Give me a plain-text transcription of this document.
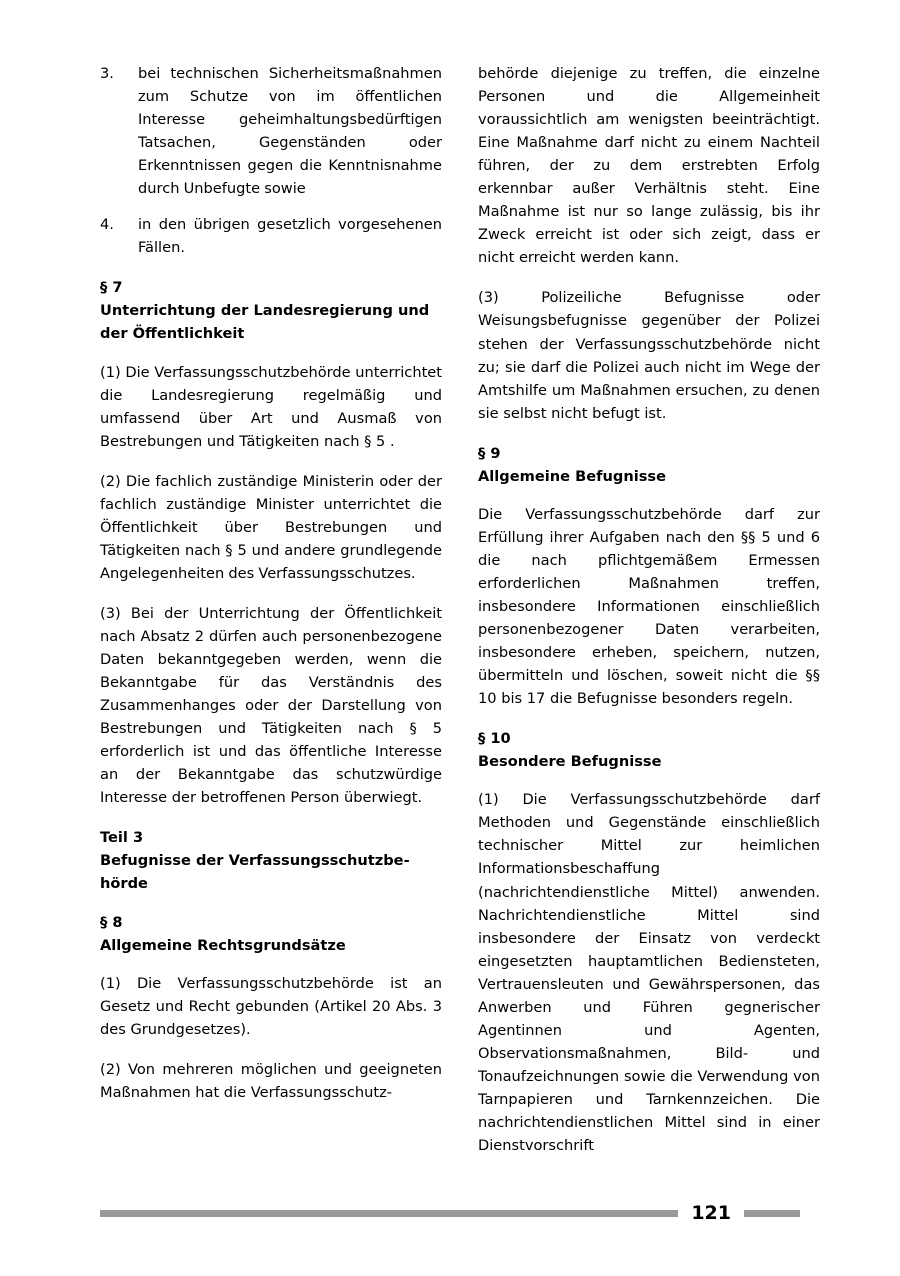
3.	bei technischen Sicherheitsmaßnahmen zum Schutze von im öffentlichen Interesse geheimhaltungsbedürftigen Tatsachen, Gegenständen oder Erkenntnissen gegen die Kenntnisnahme durch Unbefugte sowie
4.	in den übrigen gesetzlich vorgesehenen Fällen.
§ 7
Unterrichtung der Landesregierung und
der Öffentlichkeit

(1) Die Verfassungsschutzbehörde unterrichtet die Landesregierung regelmäßig und umfassend über Art und Ausmaß von Bestrebungen und Tätigkeiten nach § 5 .

(2) Die fachlich zuständige Ministerin oder der fachlich zuständige Minister unterrichtet die Öffentlichkeit über Bestrebungen und Tätigkeiten nach § 5 und andere grundlegende Angelegenheiten des Verfassungsschutzes.

(3) Bei der Unterrichtung der Öffentlichkeit nach Absatz 2 dürfen auch personenbezogene Daten bekanntgegeben werden, wenn die Bekanntgabe für das Verständnis des Zusammenhanges oder der Darstellung von Bestrebungen und Tätigkeiten nach § 5 erforderlich ist und das öffentliche Interesse an der Bekanntgabe das schutzwürdige Interesse der betroffenen Person überwiegt.

Teil 3
Befugnisse der Verfassungsschutzbe-
hörde
§ 8
Allgemeine Rechtsgrundsätze

(1) Die Verfassungsschutzbehörde ist an Gesetz und Recht gebunden (Artikel 20 Abs. 3 des Grundgesetzes).

(2) Von mehreren möglichen und geeigneten Maßnahmen hat die Verfassungsschutz-

behörde diejenige zu treffen, die einzelne Personen und die Allgemeinheit voraussichtlich am wenigsten beeinträchtigt. Eine Maßnahme darf nicht zu einem Nachteil führen, der zu dem erstrebten Erfolg erkennbar außer Verhältnis steht. Eine Maßnahme ist nur so lange zulässig, bis ihr Zweck erreicht ist oder sich zeigt, dass er nicht erreicht werden kann.

(3) Polizeiliche Befugnisse oder Weisungsbefugnisse gegenüber der Polizei stehen der Verfassungsschutzbehörde nicht zu; sie darf die Polizei auch nicht im Wege der Amtshilfe um Maßnahmen ersuchen, zu denen sie selbst nicht befugt ist.

§ 9
Allgemeine Befugnisse

Die Verfassungsschutzbehörde darf zur Erfüllung ihrer Aufgaben nach den §§ 5 und 6 die nach pflichtgemäßem Ermessen erforderlichen Maßnahmen treffen, insbesondere Informationen einschließlich personenbezogener Daten verarbeiten, insbesondere erheben, speichern, nutzen, übermitteln und löschen, soweit nicht die §§ 10 bis 17 die Befugnisse besonders regeln.

§ 10
Besondere Befugnisse

(1) Die Verfassungsschutzbehörde darf Methoden und Gegenstände einschließlich technischer Mittel zur heimlichen Informationsbeschaffung (nachrichtendienstliche Mittel) anwenden. Nachrichtendienstliche Mittel sind insbesondere der Einsatz von verdeckt eingesetzten hauptamtlichen Bediensteten, Vertrauensleuten und Gewährspersonen, das Anwerben und Führen gegnerischer Agentinnen und Agenten, Observationsmaßnahmen, Bild- und Tonaufzeichnungen sowie die Verwendung von Tarnpapieren und Tarnkennzeichen. Die nachrichtendienstlichen Mittel sind in einer Dienstvorschrift

121
